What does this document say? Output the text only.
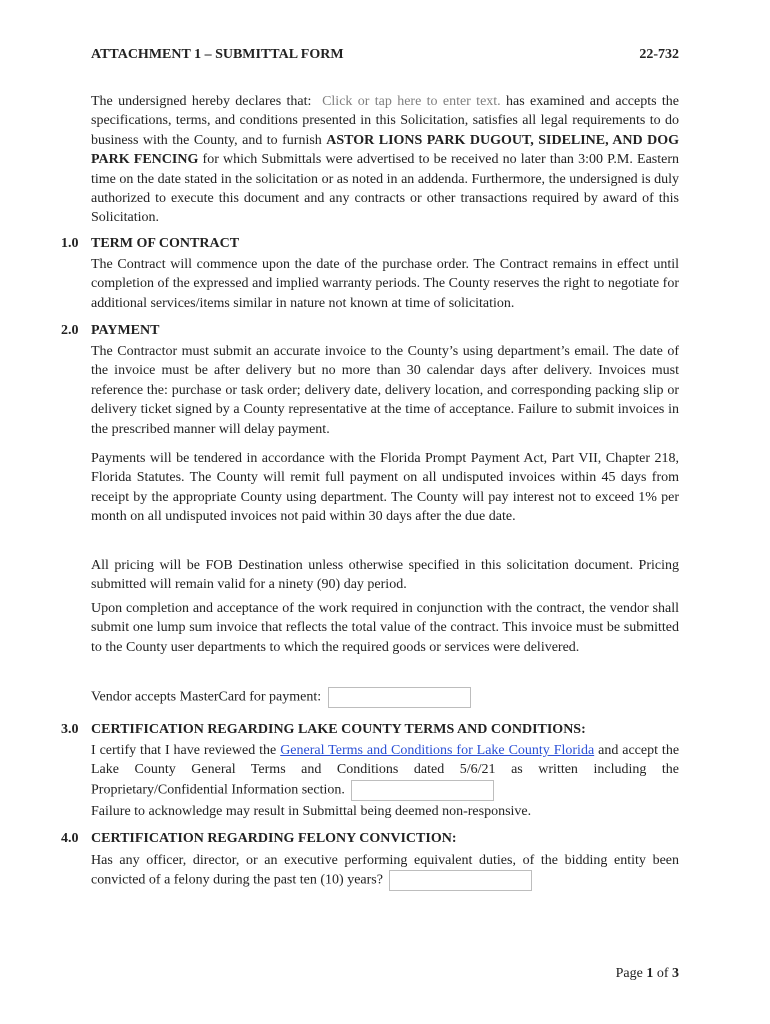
ATTACHMENT 1 – SUBMITTAL FORM	22-732
The undersigned hereby declares that: Click or tap here to enter text. has examined and accepts the specifications, terms, and conditions presented in this Solicitation, satisfies all legal requirements to do business with the County, and to furnish ASTOR LIONS PARK DUGOUT, SIDELINE, AND DOG PARK FENCING for which Submittals were advertised to be received no later than 3:00 P.M. Eastern time on the date stated in the solicitation or as noted in an addenda. Furthermore, the undersigned is duly authorized to execute this document and any contracts or other transactions required by award of this Solicitation.
1.0 TERM OF CONTRACT
The Contract will commence upon the date of the purchase order. The Contract remains in effect until completion of the expressed and implied warranty periods. The County reserves the right to negotiate for additional services/items similar in nature not known at time of solicitation.
2.0 PAYMENT
The Contractor must submit an accurate invoice to the County’s using department’s email. The date of the invoice must be after delivery but no more than 30 calendar days after delivery. Invoices must reference the: purchase or task order; delivery date, delivery location, and corresponding packing slip or delivery ticket signed by a County representative at the time of acceptance. Failure to submit invoices in the prescribed manner will delay payment.
Payments will be tendered in accordance with the Florida Prompt Payment Act, Part VII, Chapter 218, Florida Statutes. The County will remit full payment on all undisputed invoices within 45 days from receipt by the appropriate County using department. The County will pay interest not to exceed 1% per month on all undisputed invoices not paid within 30 days after the due date.
All pricing will be FOB Destination unless otherwise specified in this solicitation document. Pricing submitted will remain valid for a ninety (90) day period.
Upon completion and acceptance of the work required in conjunction with the contract, the vendor shall submit one lump sum invoice that reflects the total value of the contract. This invoice must be submitted to the County user departments to which the required goods or services were delivered.
Vendor accepts MasterCard for payment:
3.0 CERTIFICATION REGARDING LAKE COUNTY TERMS AND CONDITIONS:
I certify that I have reviewed the General Terms and Conditions for Lake County Florida and accept the Lake County General Terms and Conditions dated 5/6/21 as written including the Proprietary/Confidential Information section.
Failure to acknowledge may result in Submittal being deemed non-responsive.
4.0 CERTIFICATION REGARDING FELONY CONVICTION:
Has any officer, director, or an executive performing equivalent duties, of the bidding entity been convicted of a felony during the past ten (10) years?
Page 1 of 3
